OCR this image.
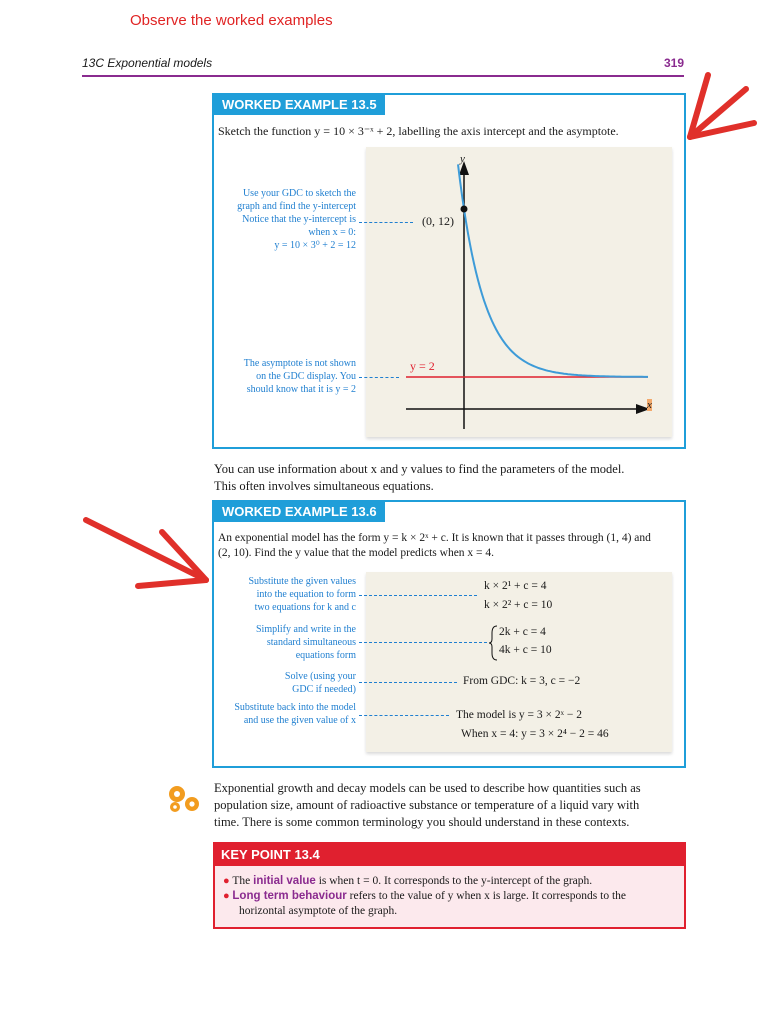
Observe the worked examples
13C Exponential models	319
WORKED EXAMPLE 13.5
Sketch the function y = 10 × 3⁻ˣ + 2, labelling the axis intercept and the asymptote.
(0, 12)
y = 2
y
x
Use your GDC to sketch the
graph and find the y-intercept
Notice that the y-intercept is
when x = 0:
y = 10 × 3⁰ + 2 = 12
The asymptote is not shown
on the GDC display. You
should know that it is y = 2
You can use information about x and y values to find the parameters of the model.
This often involves simultaneous equations.
WORKED EXAMPLE 13.6
An exponential model has the form y = k × 2ˣ + c. It is known that it passes through (1, 4) and
(2, 10). Find the y value that the model predicts when x = 4.
Substitute the given values
into the equation to form
two equations for k and c
Simplify and write in the
standard simultaneous
equations form
Solve (using your
GDC if needed)
Substitute back into the model
and use the given value of x
k × 2¹ + c = 4
k × 2² + c = 10
2k + c = 4
4k + c = 10
From GDC: k = 3, c = −2
The model is y = 3 × 2ˣ − 2
When x = 4: y = 3 × 2⁴ − 2 = 46
Exponential growth and decay models can be used to describe how quantities such as
population size, amount of radioactive substance or temperature of a liquid vary with
time. There is some common terminology you should understand in these contexts.
KEY POINT 13.4
● The initial value is when t = 0. It corresponds to the y-intercept of the graph.
● Long term behaviour refers to the value of y when x is large. It corresponds to the
horizontal asymptote of the graph.
